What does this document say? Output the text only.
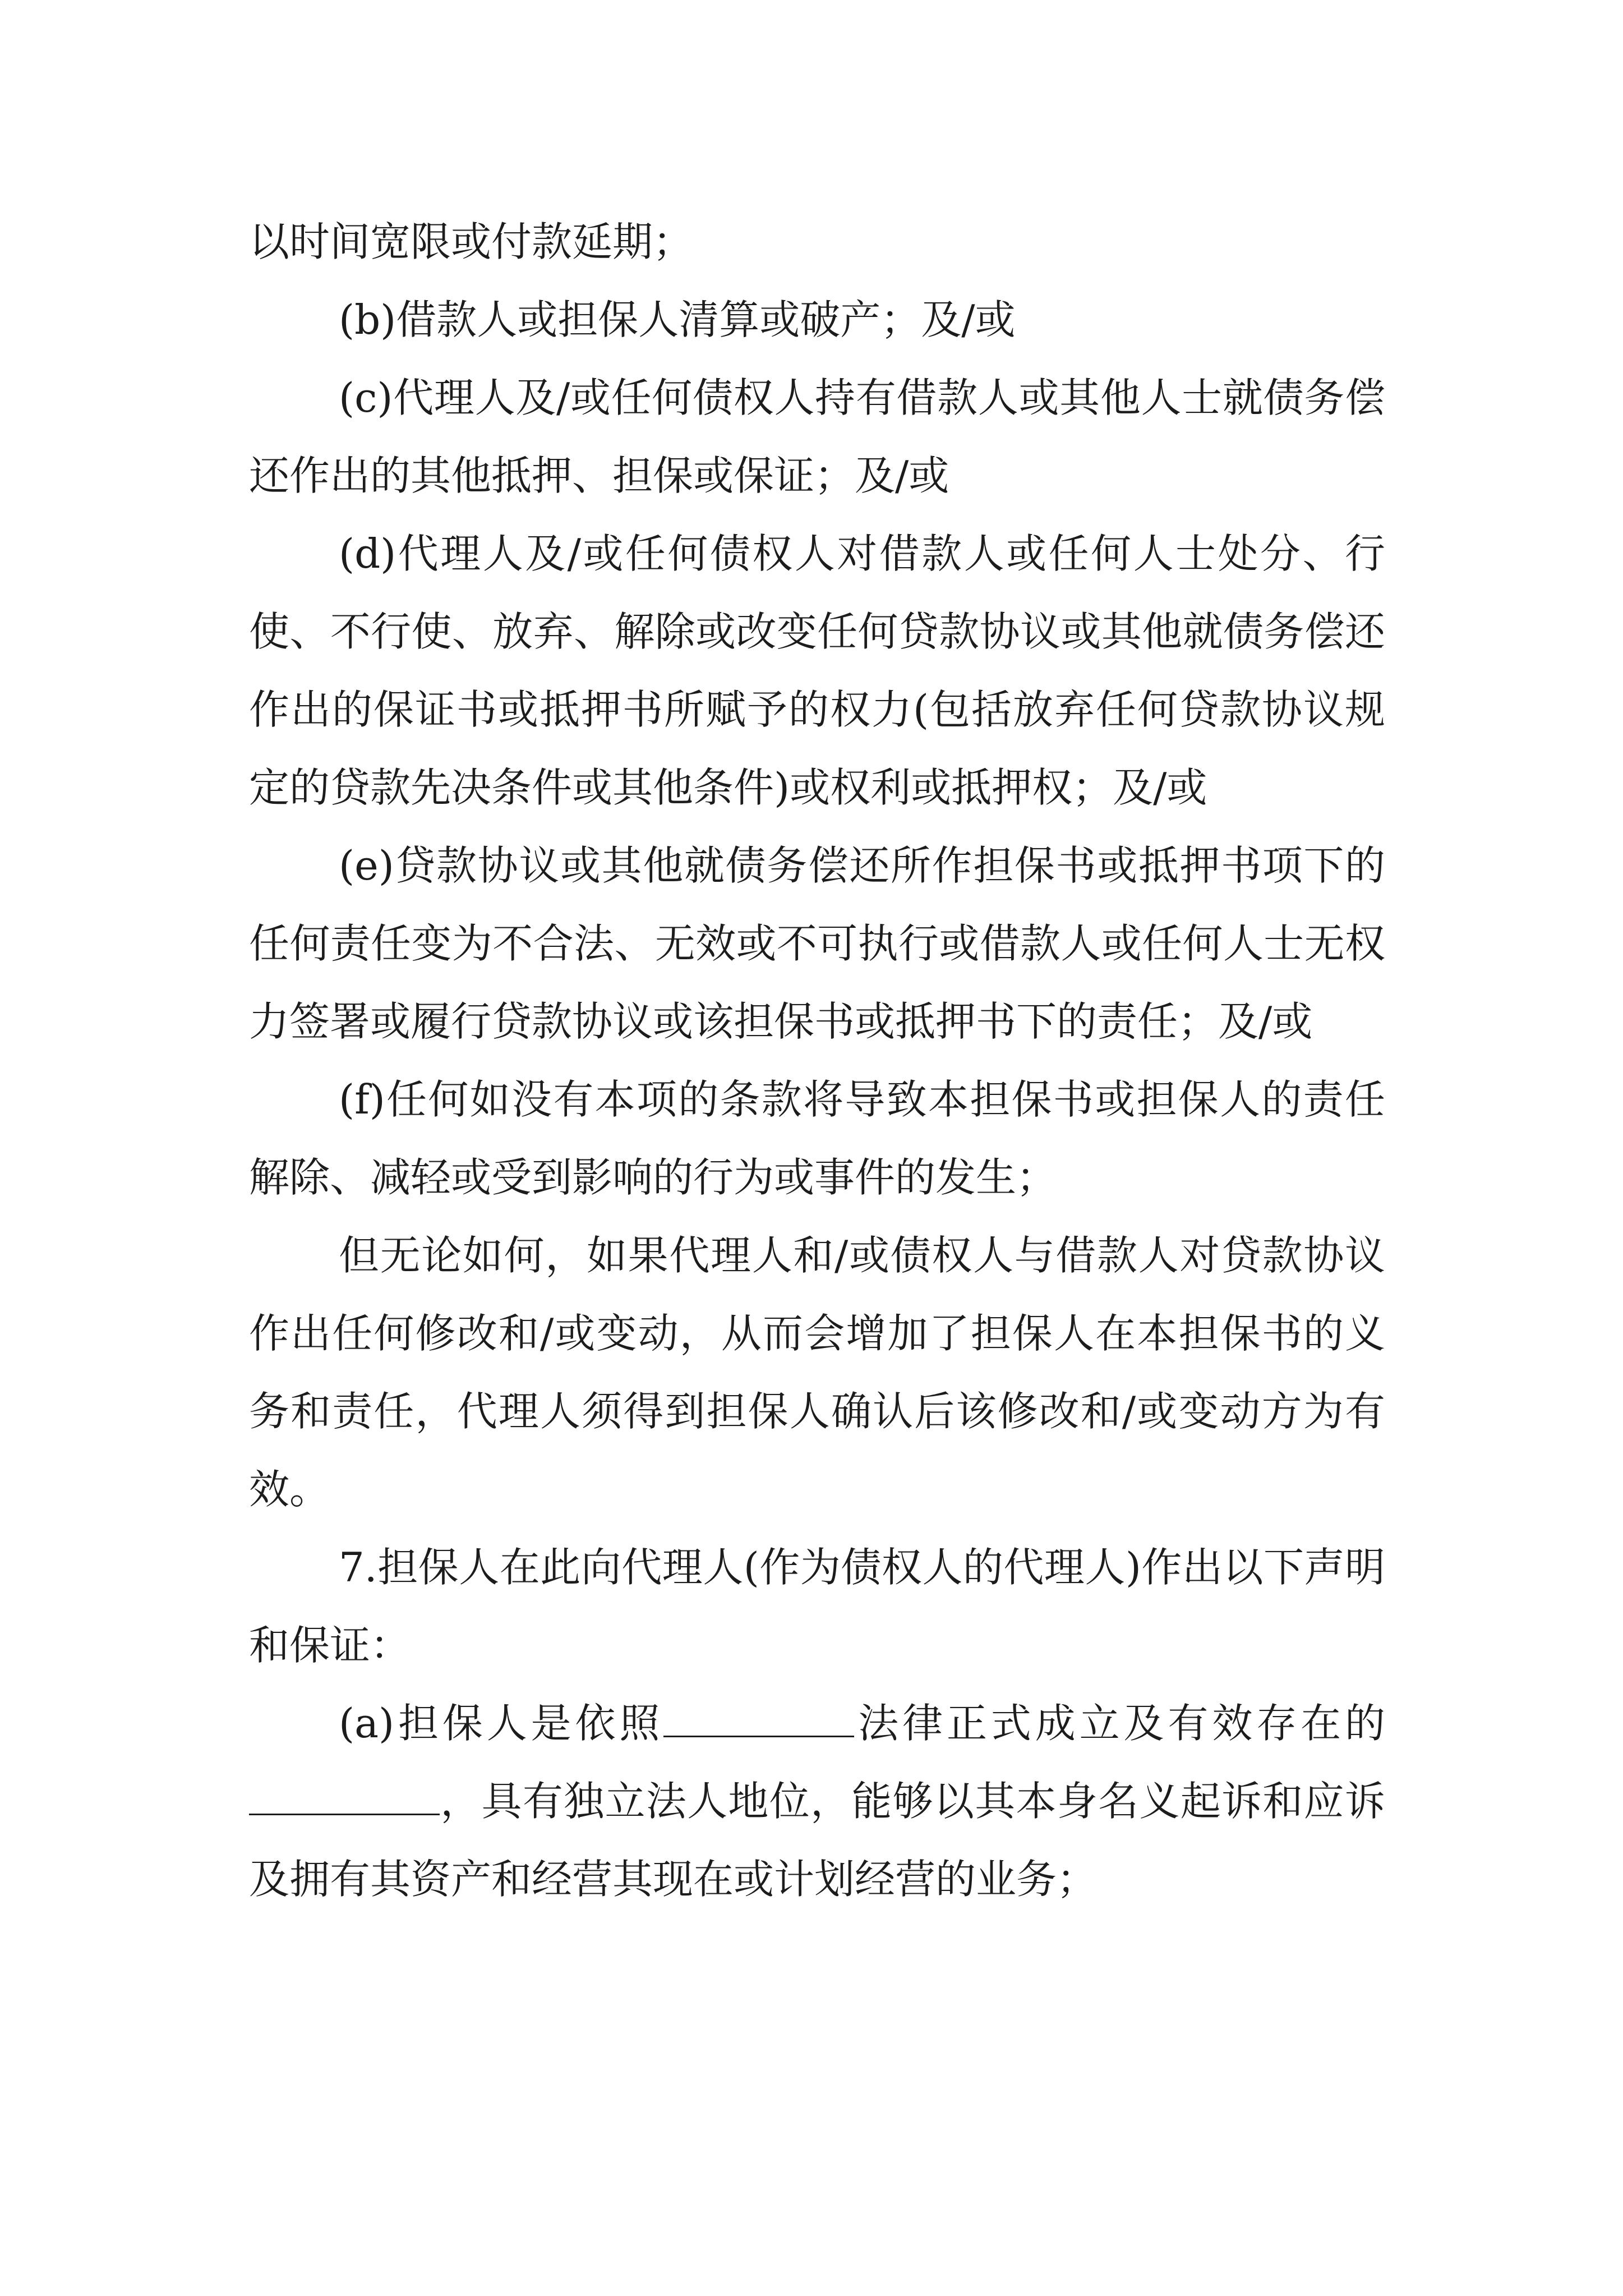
以时间宽限或付款延期；

(b)借款人或担保人清算或破产；及/或

(c)代理人及/或任何债权人持有借款人或其他人士就债务偿还作出的其他抵押、担保或保证；及/或

(d)代理人及/或任何债权人对借款人或任何人士处分、行使、不行使、放弃、解除或改变任何贷款协议或其他就债务偿还作出的保证书或抵押书所赋予的权力(包括放弃任何贷款协议规定的贷款先决条件或其他条件)或权利或抵押权；及/或

(e)贷款协议或其他就债务偿还所作担保书或抵押书项下的任何责任变为不合法、无效或不可执行或借款人或任何人士无权力签署或履行贷款协议或该担保书或抵押书下的责任；及/或

(f)任何如没有本项的条款将导致本担保书或担保人的责任解除、减轻或受到影响的行为或事件的发生；

但无论如何，如果代理人和/或债权人与借款人对贷款协议作出任何修改和/或变动，从而会增加了担保人在本担保书的义务和责任，代理人须得到担保人确认后该修改和/或变动方为有效。

7.担保人在此向代理人(作为债权人的代理人)作出以下声明和保证：

(a)担保人是依照	法律正式成立及有效存在的，具有独立法人地位，能够以其本身名义起诉和应诉及拥有其资产和经营其现在或计划经营的业务；
